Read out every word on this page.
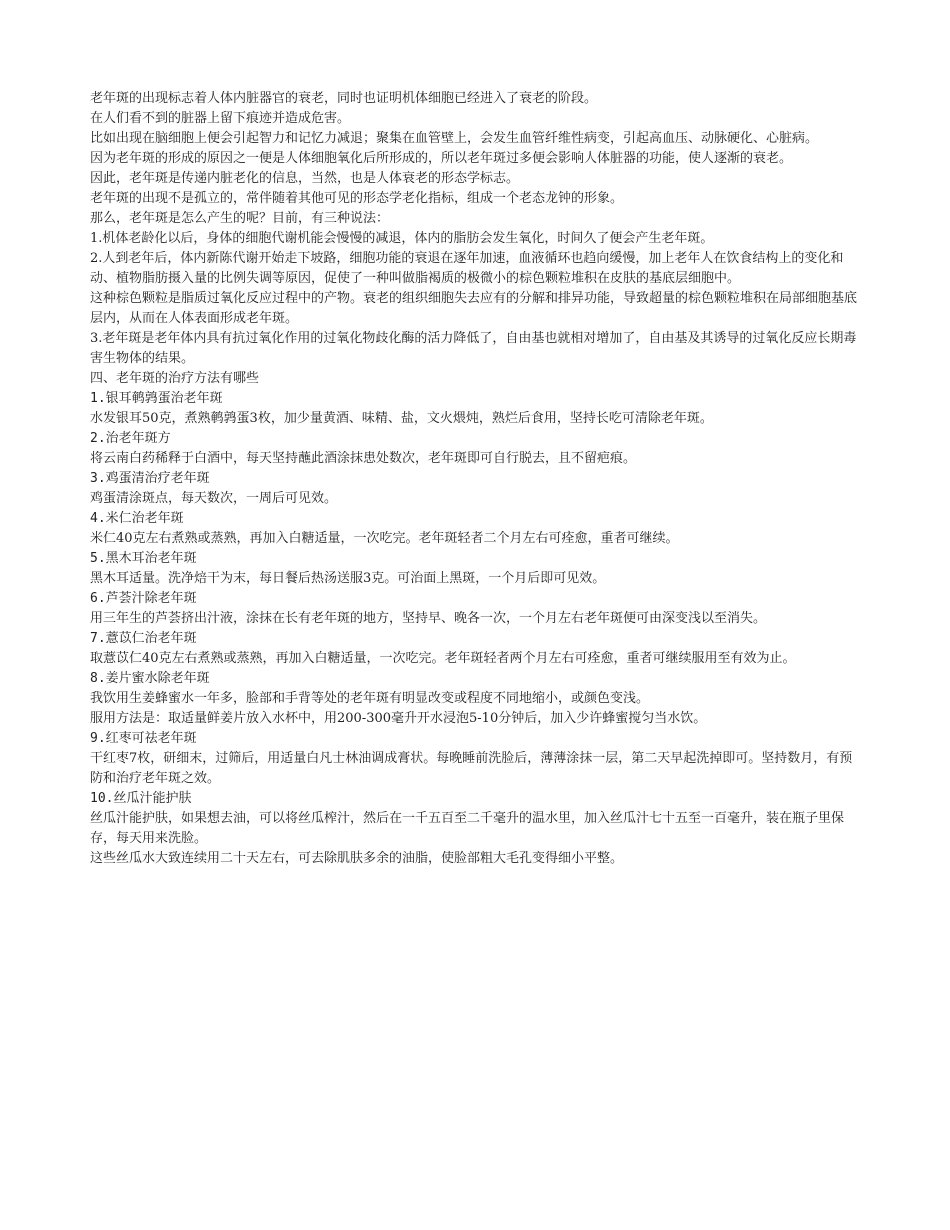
老年斑的出现标志着人体内脏器官的衰老，同时也证明机体细胞已经进入了衰老的阶段。

在人们看不到的脏器上留下痕迹并造成危害。

比如出现在脑细胞上便会引起智力和记忆力减退；聚集在血管壁上，会发生血管纤维性病变，引起高血压、动脉硬化、心脏病。

因为老年斑的形成的原因之一便是人体细胞氧化后所形成的，所以老年斑过多便会影响人体脏器的功能，使人逐渐的衰老。

因此，老年斑是传递内脏老化的信息，当然，也是人体衰老的形态学标志。

老年斑的出现不是孤立的，常伴随着其他可见的形态学老化指标，组成一个老态龙钟的形象。

那么，老年斑是怎么产生的呢？目前，有三种说法：

1.机体老龄化以后，身体的细胞代谢机能会慢慢的减退，体内的脂肪会发生氧化，时间久了便会产生老年斑。

2.人到老年后，体内新陈代谢开始走下坡路，细胞功能的衰退在逐年加速，血液循环也趋向缓慢，加上老年人在饮食结构上的变化和动、植物脂肪摄入量的比例失调等原因，促使了一种叫做脂褐质的极微小的棕色颗粒堆积在皮肤的基底层细胞中。

这种棕色颗粒是脂质过氧化反应过程中的产物。衰老的组织细胞失去应有的分解和排异功能，导致超量的棕色颗粒堆积在局部细胞基底层内，从而在人体表面形成老年斑。

3.老年斑是老年体内具有抗过氧化作用的过氧化物歧化酶的活力降低了，自由基也就相对增加了，自由基及其诱导的过氧化反应长期毒害生物体的结果。

四、老年斑的治疗方法有哪些

1.银耳鹌鹑蛋治老年斑

水发银耳50克，煮熟鹌鹑蛋3枚，加少量黄酒、味精、盐，文火煨炖，熟烂后食用，坚持长吃可清除老年斑。

2.治老年斑方

将云南白药稀释于白酒中，每天坚持蘸此酒涂抹患处数次，老年斑即可自行脱去，且不留疤痕。

3.鸡蛋清治疗老年斑

鸡蛋清涂斑点，每天数次，一周后可见效。

4.米仁治老年斑

米仁40克左右煮熟或蒸熟，再加入白糖适量，一次吃完。老年斑轻者二个月左右可痊愈，重者可继续。

5.黑木耳治老年斑

黑木耳适量。洗净焙干为末，每日餐后热汤送服3克。可治面上黑斑，一个月后即可见效。

6.芦荟汁除老年斑

用三年生的芦荟挤出汁液，涂抹在长有老年斑的地方，坚持早、晚各一次，一个月左右老年斑便可由深变浅以至消失。

7.薏苡仁治老年斑

取薏苡仁40克左右煮熟或蒸熟，再加入白糖适量，一次吃完。老年斑轻者两个月左右可痊愈，重者可继续服用至有效为止。

8.姜片蜜水除老年斑

我饮用生姜蜂蜜水一年多，脸部和手背等处的老年斑有明显改变或程度不同地缩小，或颜色变浅。

服用方法是：取适量鲜姜片放入水杯中，用200-300毫升开水浸泡5-10分钟后，加入少许蜂蜜搅匀当水饮。

9.红枣可祛老年斑

干红枣7枚，研细末，过筛后，用适量白凡士林油调成膏状。每晚睡前洗脸后，薄薄涂抹一层，第二天早起洗掉即可。坚持数月，有预防和治疗老年斑之效。

10.丝瓜汁能护肤

丝瓜汁能护肤，如果想去油，可以将丝瓜榨汁，然后在一千五百至二千毫升的温水里，加入丝瓜汁七十五至一百毫升，装在瓶子里保存，每天用来洗脸。

这些丝瓜水大致连续用二十天左右，可去除肌肤多余的油脂，使脸部粗大毛孔变得细小平整。
